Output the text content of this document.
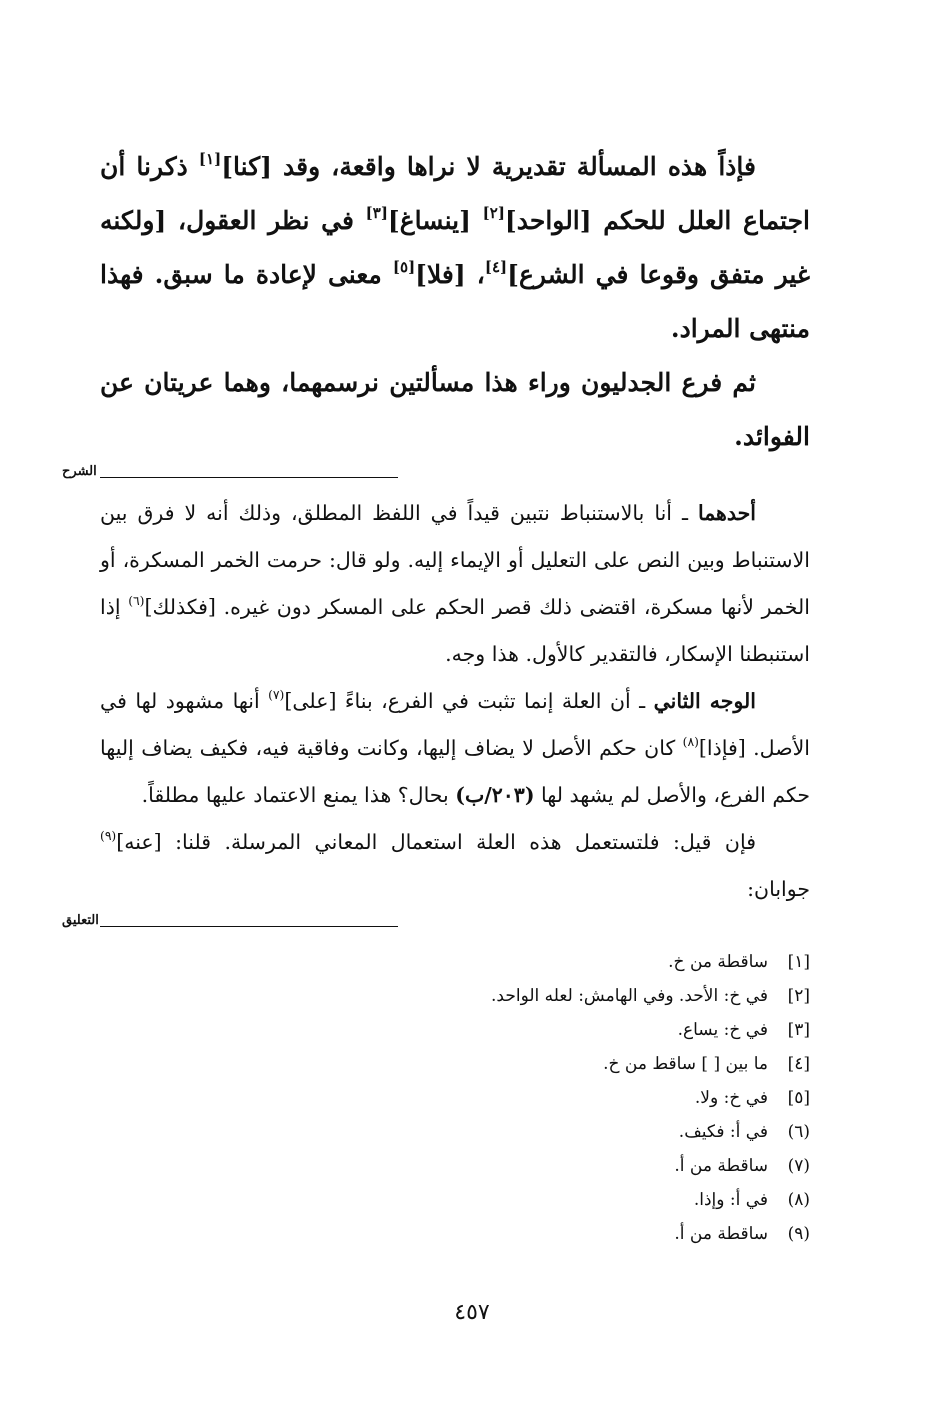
فإذاً هذه المسألة تقديرية لا نراها واقعة، وقد [كنا][١] ذكرنا أن اجتماع العلل للحكم [الواحد][٢] [ينساغ][٣] في نظر العقول، [ولكنه غير متفق وقوعا في الشرع][٤]، [فلا][٥] معنى لإعادة ما سبق. فهذا منتهى المراد.

ثم فرع الجدليون وراء هذا مسألتين نرسمهما، وهما عريتان عن الفوائد.

الشرح

أحدهما ـ أنا بالاستنباط نتبين قيداً في اللفظ المطلق، وذلك أنه لا فرق بين الاستنباط وبين النص على التعليل أو الإيماء إليه. ولو قال: حرمت الخمر المسكرة، أو الخمر لأنها مسكرة، اقتضى ذلك قصر الحكم على المسكر دون غيره. [فكذلك]$^{(٦)}$ إذا استنبطنا الإسكار، فالتقدير كالأول. هذا وجه.

الوجه الثاني ـ أن العلة إنما تثبت في الفرع، بناءً [على]$^{(٧)}$ أنها مشهود لها في الأصل. [فإذا]$^{(٨)}$ كان حكم الأصل لا يضاف إليها، وكانت وفاقية فيه، فكيف يضاف إليها حكم الفرع، والأصل لم يشهد لها (٢٠٣/ب) بحال؟ هذا يمنع الاعتماد عليها مطلقاً.

فإن قيل: فلتستعمل هذه العلة استعمال المعاني المرسلة. قلنا: [عنه]$^{(٩)}$ جوابان:

التعليق
[١]
ساقطة من خ.
[٢]
في خ: الأحد. وفي الهامش: لعله الواحد.
[٣]
في خ: يساع.
[٤]
ما بين [ ] ساقط من خ.
[٥]
في خ: ولا.
(٦)
في أ: فكيف.
(٧)
ساقطة من أ.
(٨)
في أ: وإذا.
(٩)
ساقطة من أ.
٤٥٧
